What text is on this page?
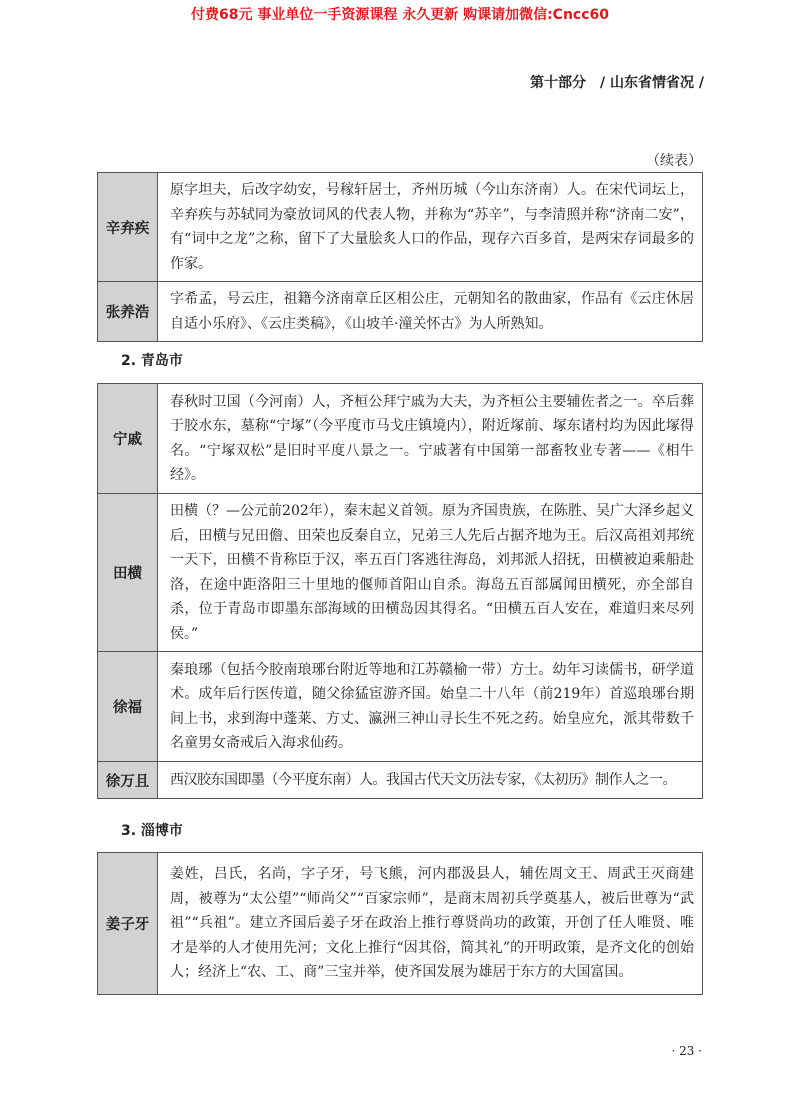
付费68元 事业单位一手资源课程 永久更新 购课请加微信:Cncc60
第十部分　/ 山东省情省况 /
（续表）
辛弃疾	原字坦夫，后改字幼安，号稼轩居士，齐州历城（今山东济南）人。在宋代词坛上，辛弃疾与苏轼同为豪放词风的代表人物，并称为“苏辛”，与李清照并称“济南二安”，有“词中之龙”之称，留下了大量脍炙人口的作品，现存六百多首，是两宋存词最多的作家。
张养浩	字希孟，号云庄，祖籍今济南章丘区相公庄，元朝知名的散曲家，作品有《云庄休居自适小乐府》、《云庄类稿》，《山坡羊·潼关怀古》为人所熟知。
2. 青岛市
宁戚	春秋时卫国（今河南）人，齐桓公拜宁戚为大夫，为齐桓公主要辅佐者之一。卒后葬于胶水东，墓称“宁塚”（今平度市马戈庄镇境内），附近塚前、塚东诸村均为因此塚得名。“宁塚双松”是旧时平度八景之一。宁戚著有中国第一部畜牧业专著——《相牛经》。
田横	田横（？—公元前202年），秦末起义首领。原为齐国贵族，在陈胜、吴广大泽乡起义后，田横与兄田儋、田荣也反秦自立，兄弟三人先后占据齐地为王。后汉高祖刘邦统一天下，田横不肯称臣于汉，率五百门客逃往海岛，刘邦派人招抚，田横被迫乘船赴洛，在途中距洛阳三十里地的偃师首阳山自杀。海岛五百部属闻田横死，亦全部自杀，位于青岛市即墨东部海域的田横岛因其得名。“田横五百人安在，难道归来尽列侯。”
徐福	秦琅琊（包括今胶南琅琊台附近等地和江苏赣榆一带）方士。幼年习读儒书，研学道术。成年后行医传道，随父徐猛宦游齐国。始皇二十八年（前219年）首巡琅琊台期间上书，求到海中蓬莱、方丈、瀛洲三神山寻长生不死之药。始皇应允，派其带数千名童男女斋戒后入海求仙药。
徐万且	西汉胶东国即墨（今平度东南）人。我国古代天文历法专家，《太初历》制作人之一。
3. 淄博市
姜子牙	姜姓，吕氏，名尚，字子牙，号飞熊，河内郡汲县人，辅佐周文王、周武王灭商建周，被尊为“太公望”“师尚父”“百家宗师”，是商末周初兵学奠基人，被后世尊为“武祖”“兵祖”。建立齐国后姜子牙在政治上推行尊贤尚功的政策，开创了任人唯贤、唯才是举的人才使用先河；文化上推行“因其俗，简其礼”的开明政策，是齐文化的创始人；经济上“农、工、商”三宝并举，使齐国发展为雄居于东方的大国富国。
· 23 ·
